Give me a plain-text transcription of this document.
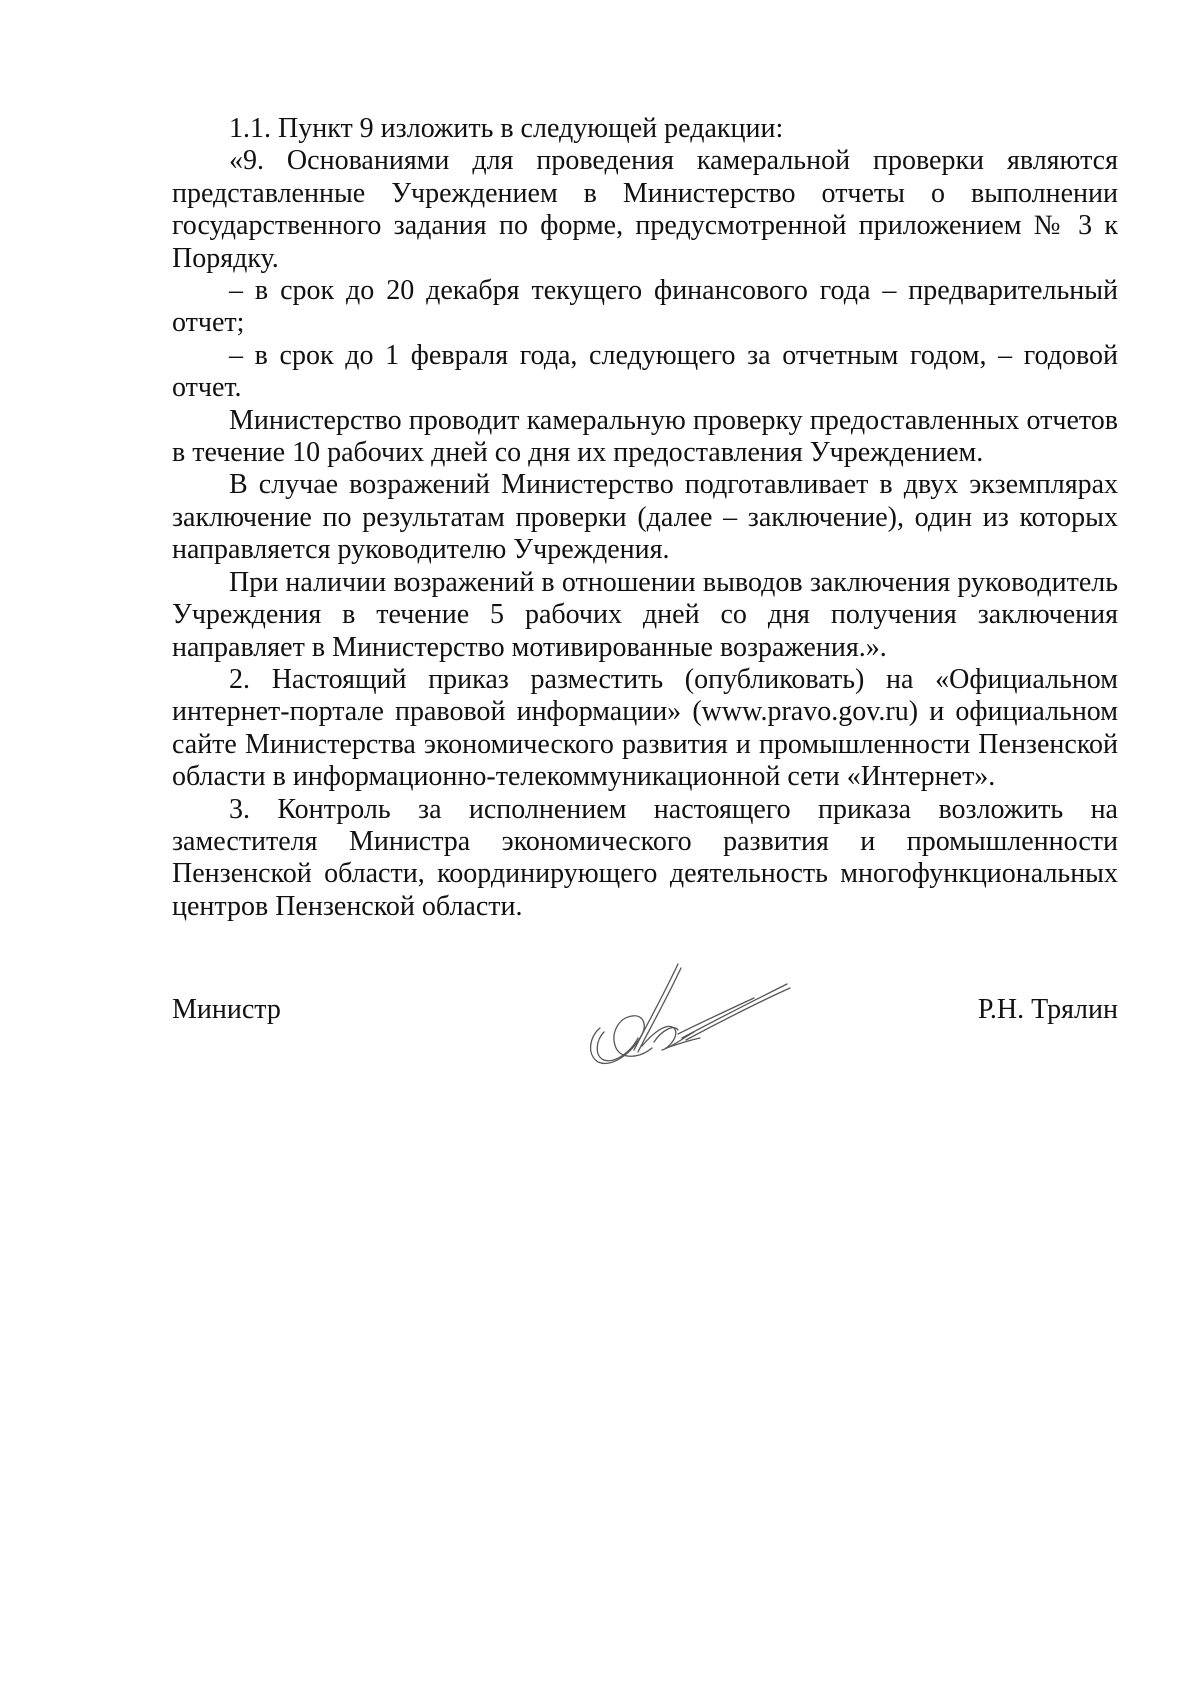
1.1. Пункт 9 изложить в следующей редакции:

«9. Основаниями для проведения камеральной проверки являются представленные Учреждением в Министерство отчеты о выполнении государственного задания по форме, предусмотренной приложением № 3 к Порядку.

– в срок до 20 декабря текущего финансового года – предварительный отчет;

– в срок до 1 февраля года, следующего за отчетным годом, – годовой отчет.

Министерство проводит камеральную проверку предоставленных отчетов в течение 10 рабочих дней со дня их предоставления Учреждением.

В случае возражений Министерство подготавливает в двух экземплярах заключение по результатам проверки (далее – заключение), один из которых направляется руководителю Учреждения.

При наличии возражений в отношении выводов заключения руководитель Учреждения в течение 5 рабочих дней со дня получения заключения направляет в Министерство мотивированные возражения.».

2. Настоящий приказ разместить (опубликовать) на «Официальном интернет-портале правовой информации» (www.pravo.gov.ru) и официальном сайте Министерства экономического развития и промышленности Пензенской области в информационно-телекоммуникационной сети «Интернет».

3. Контроль за исполнением настоящего приказа возложить на заместителя Министра экономического развития и промышленности Пензенской области, координирующего деятельность многофункциональных центров Пензенской области.

Министр	Р.Н. Трялин
